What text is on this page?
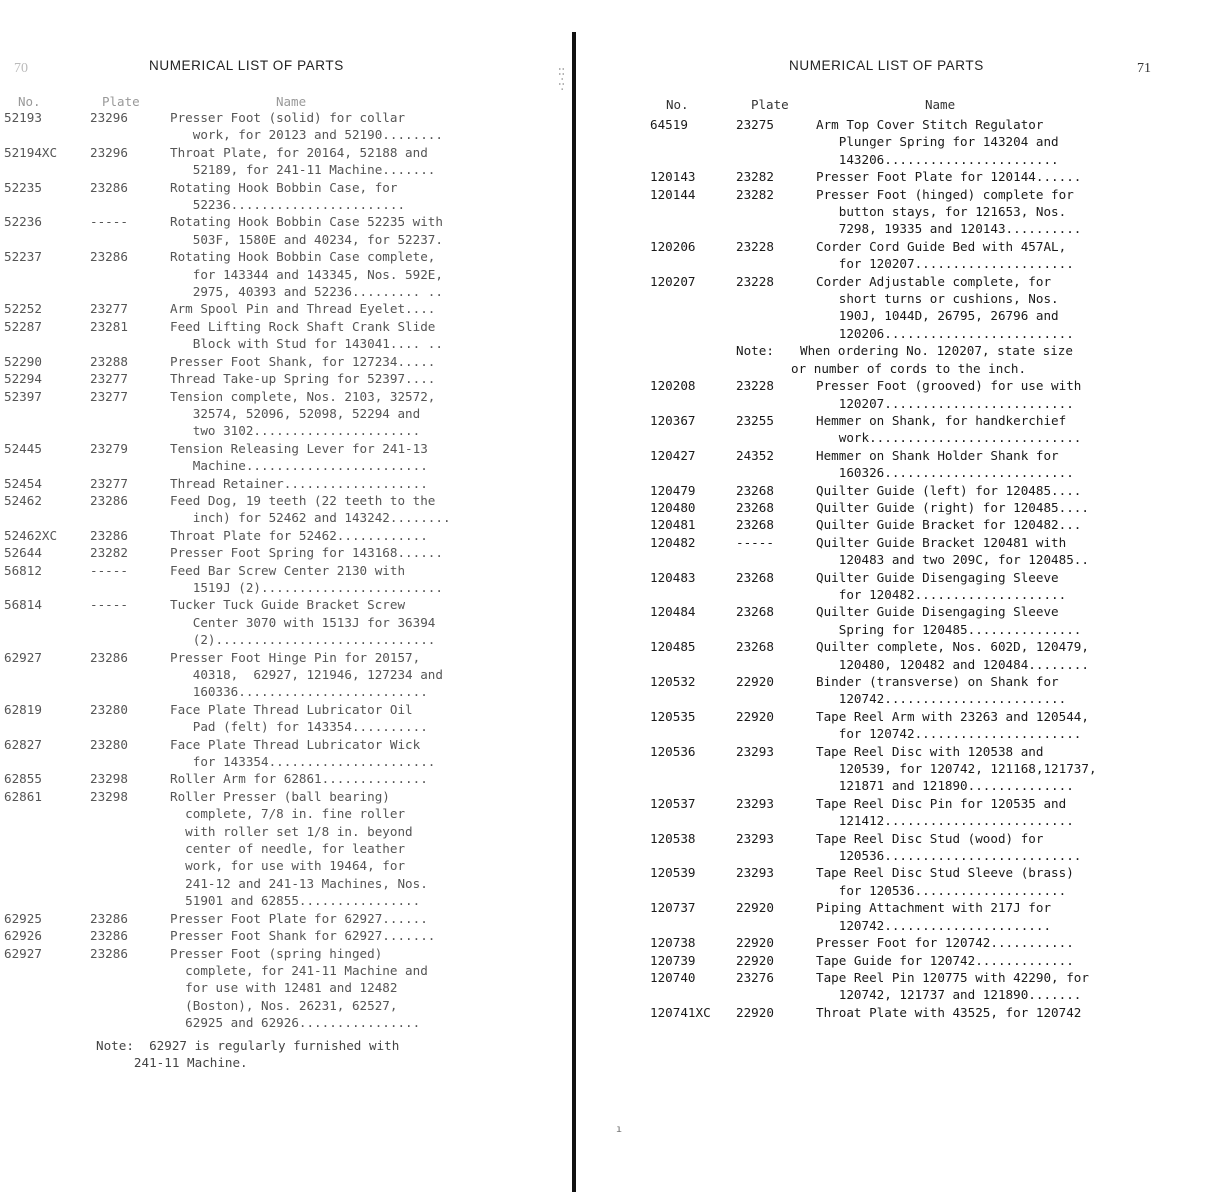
70	NUMERICAL LIST OF PARTS
No.	Plate	Name
52193	23296	Presser Foot (solid) for collar
work, for 20123 and 52190........
52194XC	23296	Throat Plate, for 20164, 52188 and
52189, for 241-11 Machine.......
52235	23286	Rotating Hook Bobbin Case, for
52236.......................
52236	-----	Rotating Hook Bobbin Case 52235 with
503F, 1580E and 40234, for 52237.
52237	23286	Rotating Hook Bobbin Case complete,
for 143344 and 143345, Nos. 592E,
2975, 40393 and 52236......... ..
52252	23277	Arm Spool Pin and Thread Eyelet....
52287	23281	Feed Lifting Rock Shaft Crank Slide
Block with Stud for 143041.... ..
52290	23288	Presser Foot Shank, for 127234.....
52294	23277	Thread Take-up Spring for 52397....
52397	23277	Tension complete, Nos. 2103, 32572,
32574, 52096, 52098, 52294 and
two 3102......................
52445	23279	Tension Releasing Lever for 241-13
Machine........................
52454	23277	Thread Retainer...................
52462	23286	Feed Dog, 19 teeth (22 teeth to the
inch) for 52462 and 143242........
52462XC	23286	Throat Plate for 52462............
52644	23282	Presser Foot Spring for 143168......
56812	-----	Feed Bar Screw Center 2130 with
1519J (2)........................
56814	-----	Tucker Tuck Guide Bracket Screw
Center 3070 with 1513J for 36394
(2).............................
62927	23286	Presser Foot Hinge Pin for 20157,
40318,  62927, 121946, 127234 and
160336.........................
62819	23280	Face Plate Thread Lubricator Oil
Pad (felt) for 143354..........
62827	23280	Face Plate Thread Lubricator Wick
for 143354......................
62855	23298	Roller Arm for 62861..............
62861	23298	Roller Presser (ball bearing)
complete, 7/8 in. fine roller
with roller set 1/8 in. beyond
center of needle, for leather
work, for use with 19464, for
241-12 and 241-13 Machines, Nos.
51901 and 62855................
62925	23286	Presser Foot Plate for 62927......
62926	23286	Presser Foot Shank for 62927.......
62927	23286	Presser Foot (spring hinged)
complete, for 241-11 Machine and
for use with 12481 and 12482
(Boston), Nos. 26231, 62527,
62925 and 62926................
Note:  62927 is regularly furnished with
241-11 Machine.
::·:·
NUMERICAL LIST OF PARTS	71
No.	Plate	Name
64519	23275	Arm Top Cover Stitch Regulator
Plunger Spring for 143204 and
143206.......................
120143	23282	Presser Foot Plate for 120144......
120144	23282	Presser Foot (hinged) complete for
button stays, for 121653, Nos.
7298, 19335 and 120143..........
120206	23228	Corder Cord Guide Bed with 457AL,
for 120207.....................
120207	23228	Corder Adjustable complete, for
short turns or cushions, Nos.
190J, 1044D, 26795, 26796 and
120206.........................
Note:	When ordering No. 120207, state size
or number of cords to the inch.
120208	23228	Presser Foot (grooved) for use with
120207.........................
120367	23255	Hemmer on Shank, for handkerchief
work............................
120427	24352	Hemmer on Shank Holder Shank for
160326.........................
120479	23268	Quilter Guide (left) for 120485....
120480	23268	Quilter Guide (right) for 120485....
120481	23268	Quilter Guide Bracket for 120482...
120482	-----	Quilter Guide Bracket 120481 with
120483 and two 209C, for 120485..
120483	23268	Quilter Guide Disengaging Sleeve
for 120482....................
120484	23268	Quilter Guide Disengaging Sleeve
Spring for 120485...............
120485	23268	Quilter complete, Nos. 602D, 120479,
120480, 120482 and 120484........
120532	22920	Binder (transverse) on Shank for
120742........................
120535	22920	Tape Reel Arm with 23263 and 120544,
for 120742......................
120536	23293	Tape Reel Disc with 120538 and
120539, for 120742, 121168,121737,
121871 and 121890..............
120537	23293	Tape Reel Disc Pin for 120535 and
121412.........................
120538	23293	Tape Reel Disc Stud (wood) for
120536..........................
120539	23293	Tape Reel Disc Stud Sleeve (brass)
for 120536....................
120737	22920	Piping Attachment with 217J for
120742......................
120738	22920	Presser Foot for 120742...........
120739	22920	Tape Guide for 120742.............
120740	23276	Tape Reel Pin 120775 with 42290, for
120742, 121737 and 121890.......
120741XC	22920	Throat Plate with 43525, for 120742
ı
